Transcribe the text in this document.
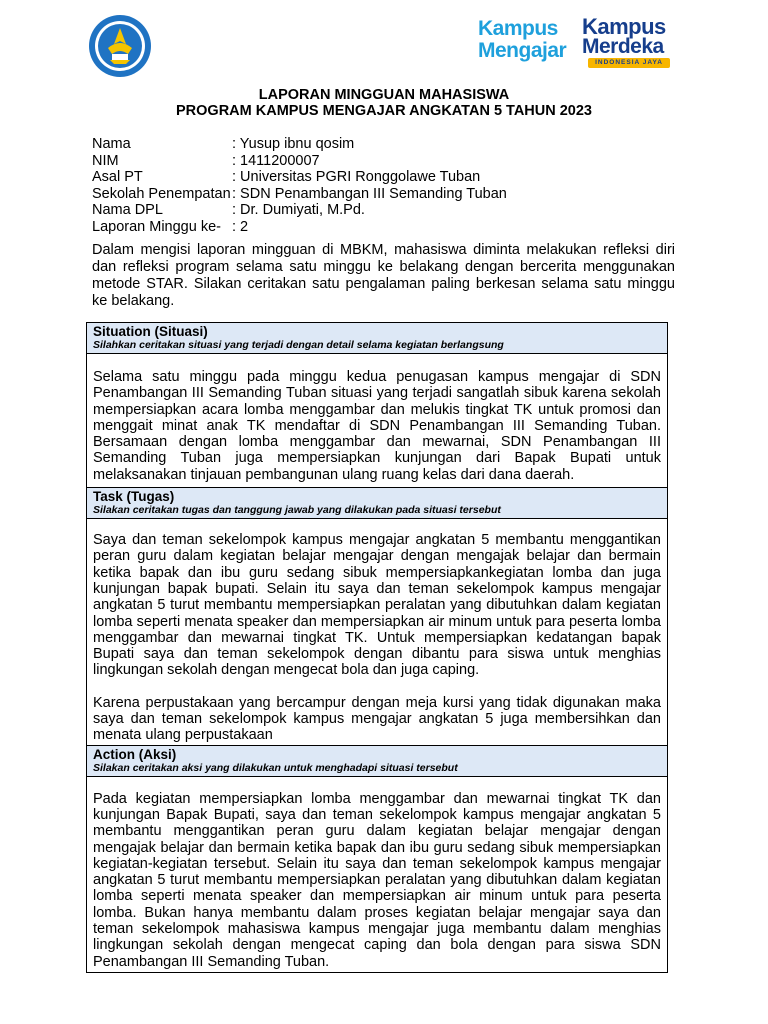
Kampus
Mengajar
Kampus
Merdeka
INDONESIA JAYA
LAPORAN MINGGUAN MAHASISWA
PROGRAM KAMPUS MENGAJAR ANGKATAN 5 TAHUN 2023
Nama	: Yusup ibnu qosim
NIM	: 1411200007
Asal PT	: Universitas PGRI Ronggolawe Tuban
Sekolah Penempatan: SDN Penambangan III Semanding Tuban
Nama DPL	: Dr. Dumiyati, M.Pd.
Laporan Minggu ke- : 2
Dalam mengisi laporan mingguan di MBKM, mahasiswa diminta melakukan refleksi diri dan refleksi program selama satu minggu ke belakang dengan bercerita menggunakan metode STAR. Silakan ceritakan satu pengalaman paling berkesan selama satu minggu ke belakang.
Situation (Situasi)
Silahkan ceritakan situasi yang terjadi dengan detail selama kegiatan berlangsung

Selama satu minggu pada minggu kedua penugasan kampus mengajar di SDN Penambangan III Semanding Tuban situasi yang terjadi sangatlah sibuk karena sekolah mempersiapkan acara lomba menggambar dan melukis tingkat TK untuk promosi dan menggait minat anak TK mendaftar di SDN Penambangan III Semanding Tuban. Bersamaan dengan lomba menggambar dan mewarnai, SDN Penambangan III Semanding Tuban juga mempersiapkan kunjungan dari Bapak Bupati untuk melaksanakan tinjauan pembangunan ulang ruang kelas dari dana daerah.

Task (Tugas)
Silakan ceritakan tugas dan tanggung jawab yang dilakukan pada situasi tersebut

Saya dan teman sekelompok kampus mengajar angkatan 5 membantu menggantikan peran guru dalam kegiatan belajar mengajar dengan mengajak belajar dan bermain ketika bapak dan ibu guru sedang sibuk mempersiapkankegiatan lomba dan juga kunjungan bapak bupati. Selain itu saya dan teman sekelompok kampus mengajar angkatan 5 turut membantu mempersiapkan peralatan yang dibutuhkan dalam kegiatan lomba seperti menata speaker dan mempersiapkan air minum untuk para peserta lomba menggambar dan mewarnai tingkat TK. Untuk mempersiapkan kedatangan bapak Bupati saya dan teman sekelompok dengan dibantu para siswa untuk menghias lingkungan sekolah dengan mengecat bola dan juga caping.

Karena perpustakaan yang bercampur dengan meja kursi yang tidak digunakan maka saya dan teman sekelompok kampus mengajar angkatan 5 juga membersihkan dan menata ulang perpustakaan

Action (Aksi)
Silakan ceritakan aksi yang dilakukan untuk menghadapi situasi tersebut

Pada kegiatan mempersiapkan lomba menggambar dan mewarnai tingkat TK dan kunjungan Bapak Bupati, saya dan teman sekelompok kampus mengajar angkatan 5 membantu menggantikan peran guru dalam kegiatan belajar mengajar dengan mengajak belajar dan bermain ketika bapak dan ibu guru sedang sibuk mempersiapkan kegiatan-kegiatan tersebut. Selain itu saya dan teman sekelompok kampus mengajar angkatan 5 turut membantu mempersiapkan peralatan yang dibutuhkan dalam kegiatan lomba seperti menata speaker dan mempersiapkan air minum untuk para peserta lomba. Bukan hanya membantu dalam proses kegiatan belajar mengajar saya dan teman sekelompok mahasiswa kampus mengajar juga membantu dalam menghias lingkungan sekolah dengan mengecat caping dan bola dengan para siswa SDN Penambangan III Semanding Tuban.
